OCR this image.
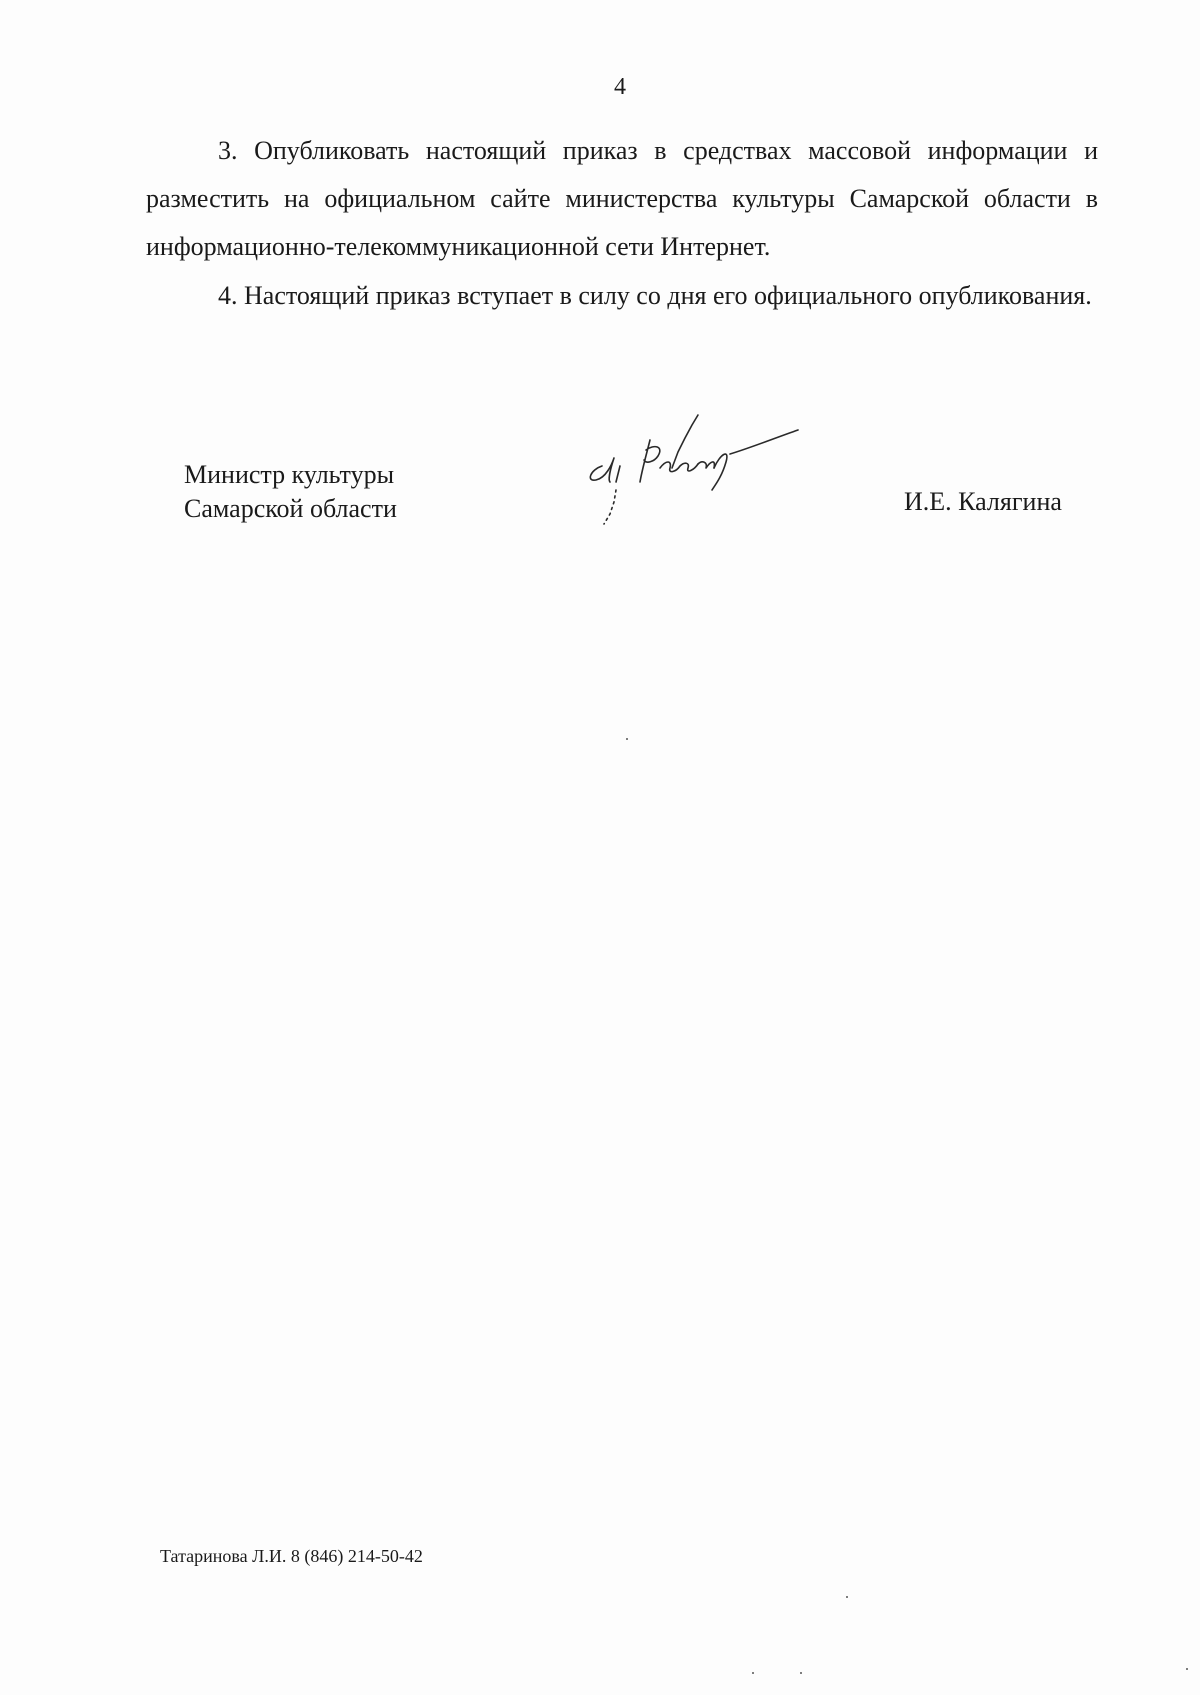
4

3. Опубликовать настоящий приказ в средствах массовой информации и разместить на официальном сайте министерства культуры Самарской области в информационно-телекоммуникационной сети Интернет.

4. Настоящий приказ вступает в силу со дня его официального опубликования.

Министр культуры
Самарской области	И.Е. Калягина
Татаринова Л.И. 8 (846) 214-50-42
